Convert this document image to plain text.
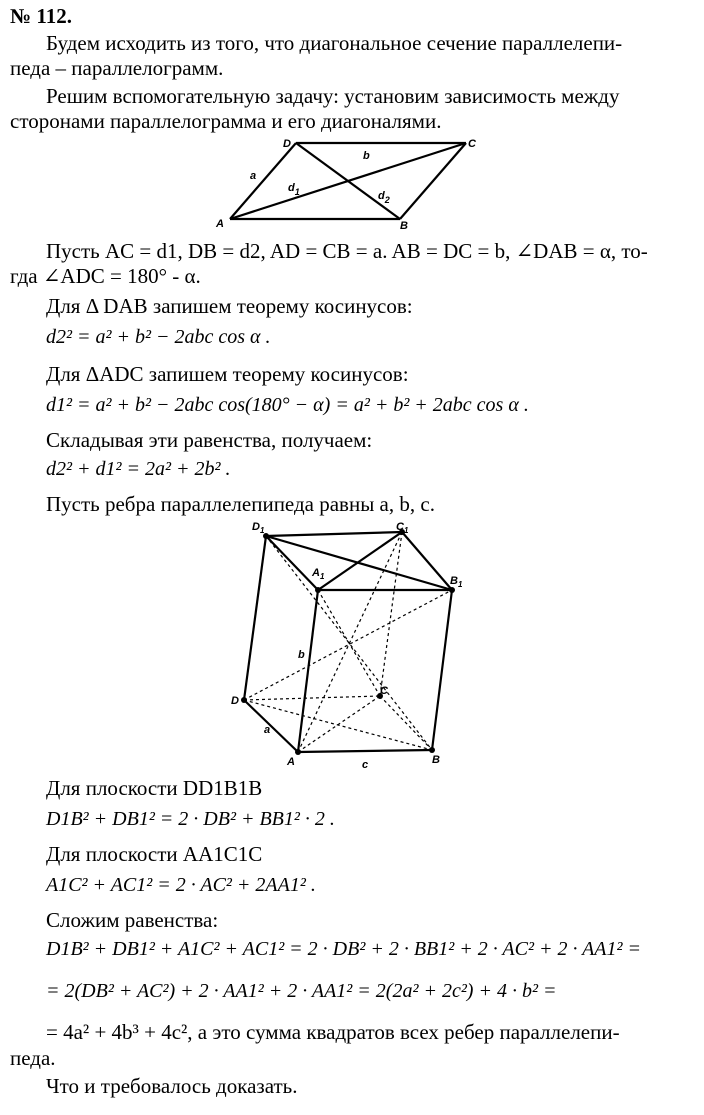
№ 112.
Будем исходить из того, что диагональное сечение параллелепи-
педа – параллелограмм.
Решим вспомогательную задачу: установим зависимость между
сторонами параллелограмма и его диагоналями.
A	B
C
D
a
b
$d_1$	$d_2$
Пусть AC = d1, DB = d2, AD = CB = a. AB = DC = b, ∠DAB = α, то-
гда ∠ADC = 180° - α.
Для Δ DAB запишем теорему косинусов:
d2² = a² + b² − 2abc cos α .
Для ΔADC запишем теорему косинусов:
d1² = a² + b² − 2abc cos(180° − α) = a² + b² + 2abc cos α .
Складывая эти равенства, получаем:
d2² + d1² = 2a² + 2b² .
Пусть ребра параллелепипеда равны a, b, c.
$D_1$	$C_1$
$B_1$
$A_1$
D
C
B
A
a
b
c
Для плоскости DD1B1B
D1B² + DB1² = 2 · DB² + BB1² · 2 .
Для плоскости AA1C1C
A1C² + AC1² = 2 · AC² + 2AA1² .
Сложим равенства:
D1B² + DB1² + A1C² + AC1² = 2 · DB² + 2 · BB1² + 2 · AC² + 2 · AA1² =
= 2(DB² + AC²) + 2 · AA1² + 2 · AA1² = 2(2a² + 2c²) + 4 · b² =
= 4a² + 4b³ + 4c², а это сумма квадратов всех ребер параллелепи-
педа.
Что и требовалось доказать.
